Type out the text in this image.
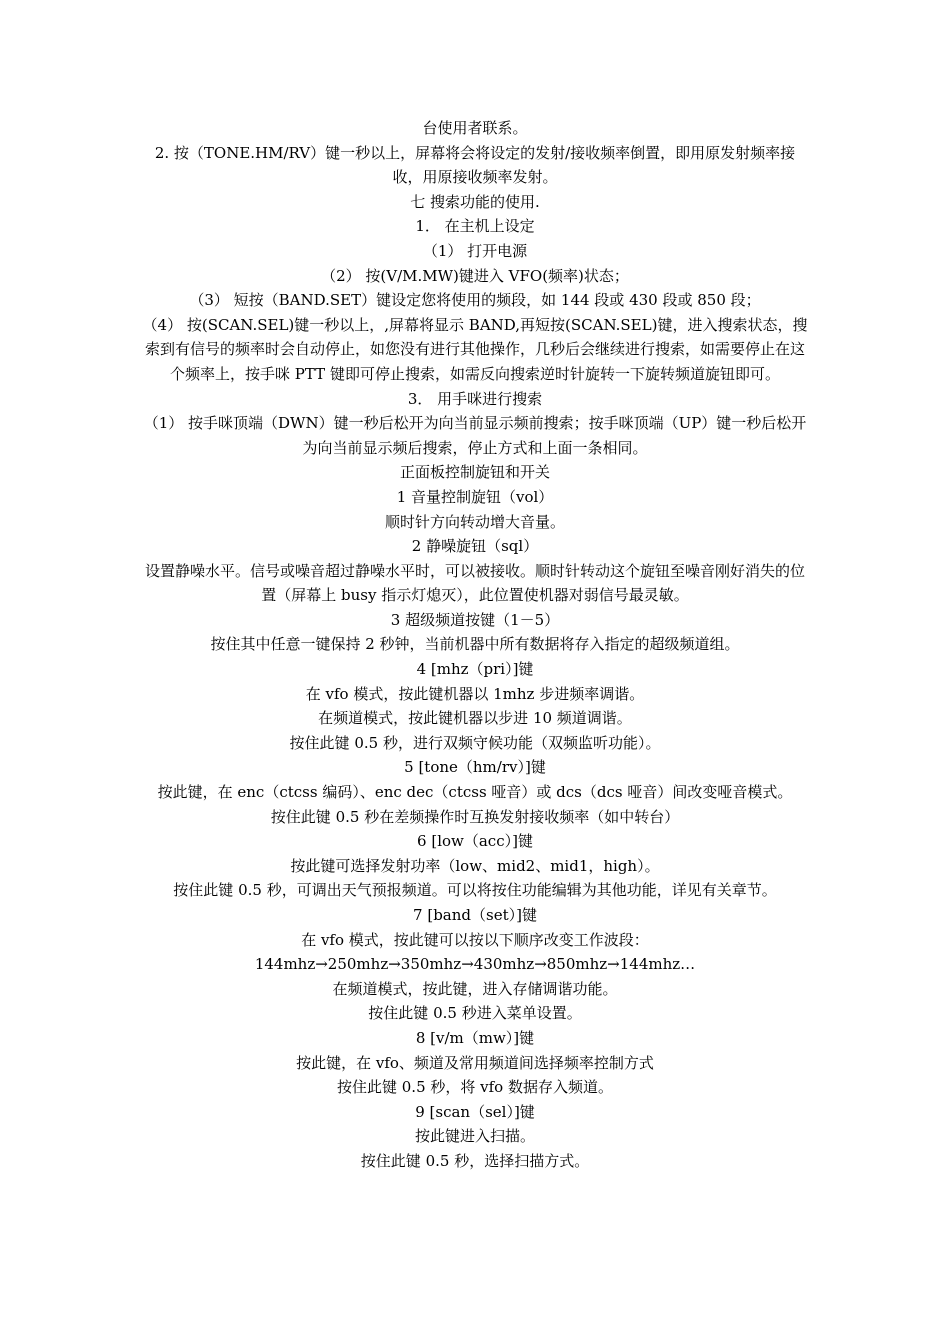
台使用者联系。

2. 按（TONE.HM/RV）键一秒以上，屏幕将会将设定的发射/接收频率倒置，即用原发射频率接收，用原接收频率发射。

七 搜索功能的使用.

1． 在主机上设定

（1） 打开电源

（2） 按(V/M.MW)键进入 VFO(频率)状态；

（3） 短按（BAND.SET）键设定您将使用的频段，如 144 段或 430 段或 850 段；

（4） 按(SCAN.SEL)键一秒以上，,屏幕将显示 BAND,再短按(SCAN.SEL)键，进入搜索状态，搜索到有信号的频率时会自动停止，如您没有进行其他操作，几秒后会继续进行搜索，如需要停止在这个频率上，按手咪 PTT 键即可停止搜索，如需反向搜索逆时针旋转一下旋转频道旋钮即可。

3． 用手咪进行搜索

（1） 按手咪顶端（DWN）键一秒后松开为向当前显示频前搜索；按手咪顶端（UP）键一秒后松开为向当前显示频后搜索，停止方式和上面一条相同。

正面板控制旋钮和开关

1 音量控制旋钮（vol）

顺时针方向转动增大音量。

2 静噪旋钮（sql）

设置静噪水平。信号或噪音超过静噪水平时，可以被接收。顺时针转动这个旋钮至噪音刚好消失的位置（屏幕上 busy 指示灯熄灭），此位置使机器对弱信号最灵敏。

3 超级频道按键（1－5）

按住其中任意一键保持 2 秒钟，当前机器中所有数据将存入指定的超级频道组。

4 [mhz（pri）]键

在 vfo 模式，按此键机器以 1mhz 步进频率调谐。

在频道模式，按此键机器以步进 10 频道调谐。

按住此键 0.5 秒，进行双频守候功能（双频监听功能）。

5 [tone（hm/rv）]键

按此键，在 enc（ctcss 编码）、enc dec（ctcss 哑音）或 dcs（dcs 哑音）间改变哑音模式。

按住此键 0.5 秒在差频操作时互换发射接收频率（如中转台）

6 [low（acc）]键

按此键可选择发射功率（low、mid2、mid1，high）。

按住此键 0.5 秒，可调出天气预报频道。可以将按住功能编辑为其他功能，详见有关章节。

7 [band（set）]键

在 vfo 模式，按此键可以按以下顺序改变工作波段：

144mhz→250mhz→350mhz→430mhz→850mhz→144mhz…

在频道模式，按此键，进入存储调谐功能。

按住此键 0.5 秒进入菜单设置。

8 [v/m（mw）]键

按此键，在 vfo、频道及常用频道间选择频率控制方式

按住此键 0.5 秒，将 vfo 数据存入频道。

9 [scan（sel）]键

按此键进入扫描。

按住此键 0.5 秒，选择扫描方式。
